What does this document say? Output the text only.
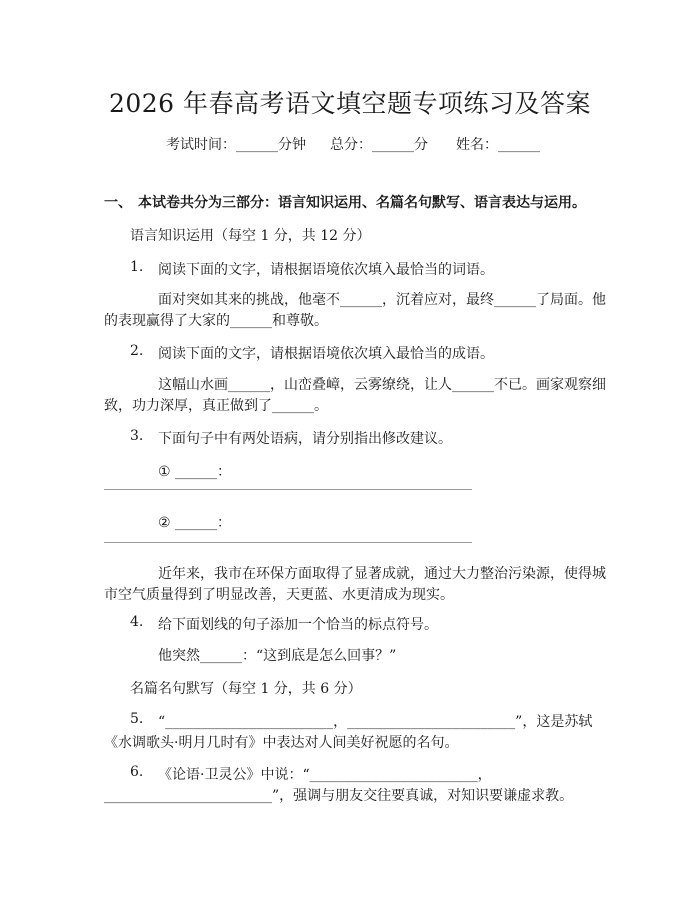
2026 年春高考语文填空题专项练习及答案
考试时间：______分钟 总分：______分 姓名：______
一、 本试卷共分为三部分：语言知识运用、名篇名句默写、语言表达与运用。
语言知识运用（每空 1 分，共 12 分）
1. 阅读下面的文字，请根据语境依次填入最恰当的词语。
面对突如其来的挑战，他毫不______，沉着应对，最终______了局面。他
的表现赢得了大家的______和尊敬。
2. 阅读下面的文字，请根据语境依次填入最恰当的成语。
这幅山水画______，山峦叠嶂，云雾缭绕，让人______不已。画家观察细
致，功力深厚，真正做到了______。
3. 下面句子中有两处语病，请分别指出修改建议。
① ______：
② ______：
近年来，我市在环保方面取得了显著成就，通过大力整治污染源，使得城
市空气质量得到了明显改善，天更蓝、水更清成为现实。
4. 给下面划线的句子添加一个恰当的标点符号。
他突然______：“这到底是怎么回事？”
名篇名句默写（每空 1 分，共 6 分）
5. “________________________，________________________”，这是苏轼
《水调歌头·明月几时有》中表达对人间美好祝愿的名句。
6. 《论语·卫灵公》中说：“________________________，
________________________”，强调与朋友交往要真诚，对知识要谦虚求教。
